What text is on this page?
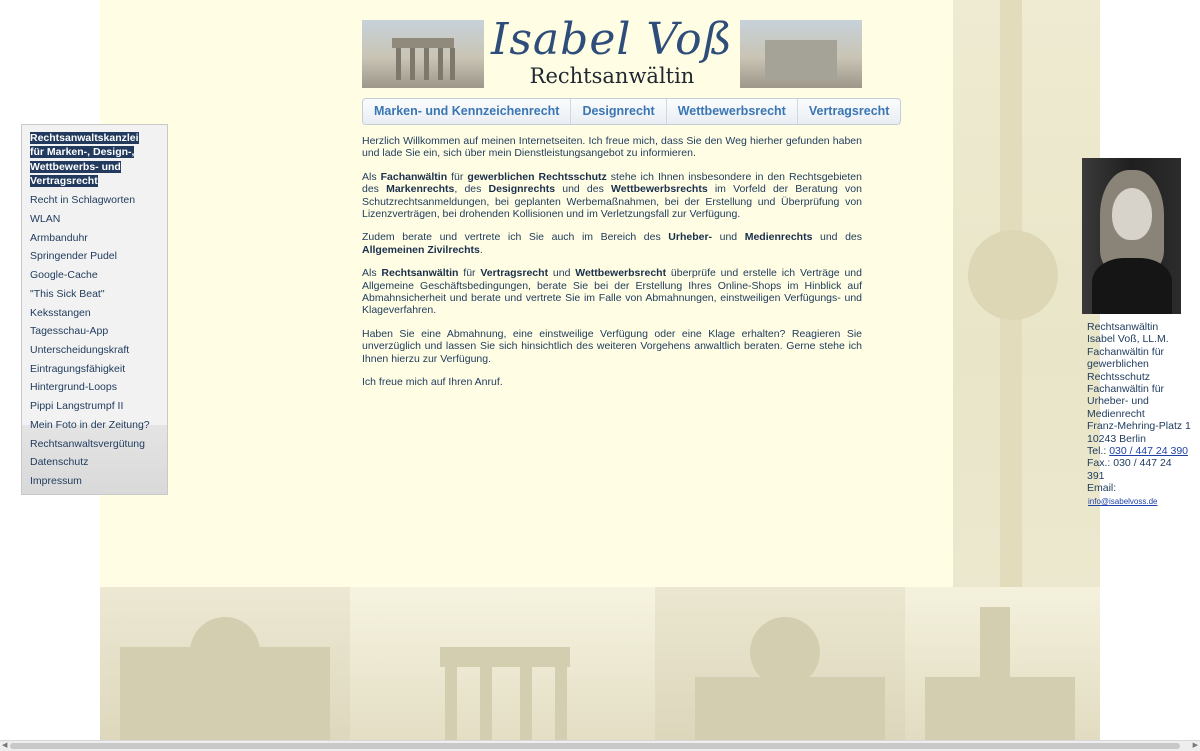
Isabel Voß
Rechtsanwältin
Marken- und Kennzeichenrecht	Designrecht	Wettbewerbsrecht	Vertragsrecht

Herzlich Willkommen auf meinen Internetseiten. Ich freue mich, dass Sie den Weg hierher gefunden haben und lade Sie ein, sich über mein Dienstleistungsangebot zu informieren.

Als Fachanwältin für gewerblichen Rechtsschutz stehe ich Ihnen insbesondere in den Rechtsgebieten des Markenrechts, des Designrechts und des Wettbewerbsrechts im Vorfeld der Beratung von Schutzrechtsanmeldungen, bei geplanten Werbemaßnahmen, bei der Erstellung und Überprüfung von Lizenzverträgen, bei drohenden Kollisionen und im Verletzungsfall zur Verfügung.

Zudem berate und vertrete ich Sie auch im Bereich des Urheber- und Medienrechts und des Allgemeinen Zivilrechts.

Als Rechtsanwältin für Vertragsrecht und Wettbewerbsrecht überprüfe und erstelle ich Verträge und Allgemeine Geschäftsbedingungen, berate Sie bei der Erstellung Ihres Online-Shops im Hinblick auf Abmahnsicherheit und berate und vertrete Sie im Falle von Abmahnungen, einstweiligen Verfügungs- und Klageverfahren.

Haben Sie eine Abmahnung, eine einstweilige Verfügung oder eine Klage erhalten? Reagieren Sie unverzüglich und lassen Sie sich hinsichtlich des weiteren Vorgehens anwaltlich beraten. Gerne stehe ich Ihnen hierzu zur Verfügung.

Ich freue mich auf Ihren Anruf.

Rechtsanwaltskanzlei für Marken-, Design-, Wettbewerbs- und Vertragsrecht
Recht in Schlagworten
WLAN
Armbanduhr
Springender Pudel
Google-Cache
"This Sick Beat"
Keksstangen
Tagesschau-App
Unterscheidungskraft
Eintragungsfähigkeit
Hintergrund-Loops
Pippi Langstrumpf II
Mein Foto in der Zeitung?
Rechtsanwaltsvergütung
Datenschutz
Impressum
Rechtsanwältin
Isabel Voß, LL.M.
Fachanwältin für gewerblichen Rechtsschutz
Fachanwältin für Urheber- und Medienrecht
Franz-Mehring-Platz 1
10243 Berlin
Tel.: 030 / 447 24 390
Fax.: 030 / 447 24 391
Email:
info@isabelvoss.de
◀	▶
